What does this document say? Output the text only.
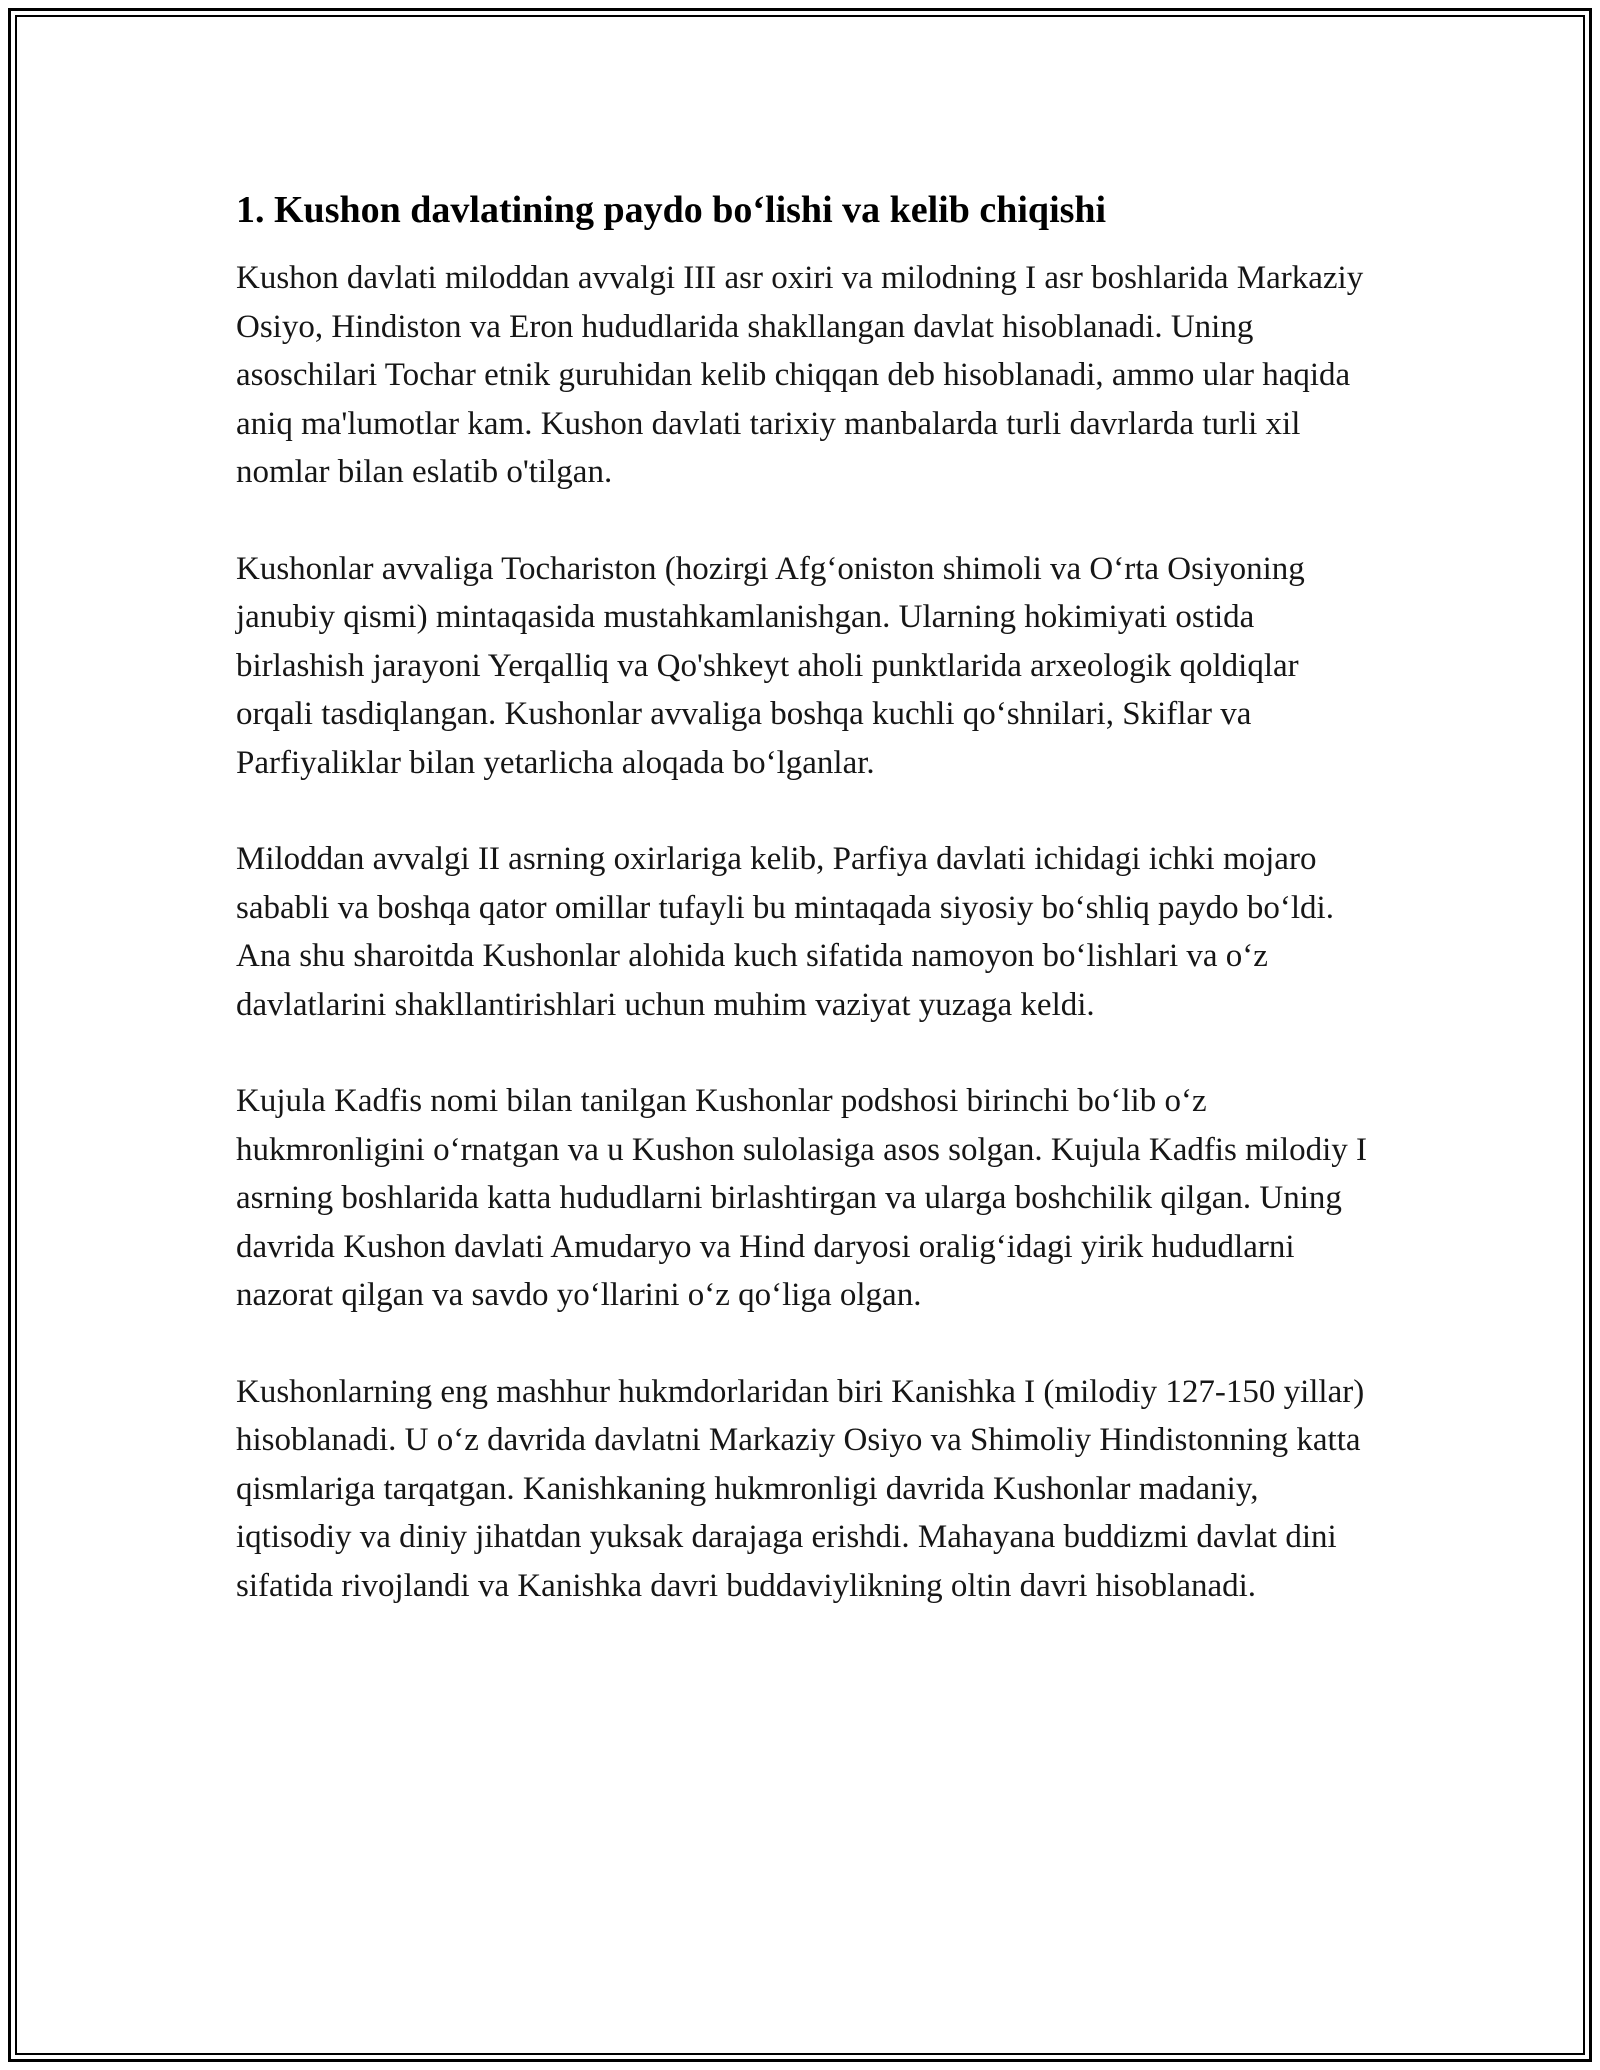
1. Kushon davlatining paydo boʻlishi va kelib chiqishi

Kushon davlati miloddan avvalgi III asr oxiri va milodning I asr boshlarida Markaziy Osiyo, Hindiston va Eron hududlarida shakllangan davlat hisoblanadi. Uning asoschilari Tochar etnik guruhidan kelib chiqqan deb hisoblanadi, ammo ular haqida aniq ma'lumotlar kam. Kushon davlati tarixiy manbalarda turli davrlarda turli xil nomlar bilan eslatib o'tilgan.

Kushonlar avvaliga Tochariston (hozirgi Afgʻoniston shimoli va Oʻrta Osiyoning janubiy qismi) mintaqasida mustahkamlanishgan. Ularning hokimiyati ostida birlashish jarayoni Yerqalliq va Qo'shkeyt aholi punktlarida arxeologik qoldiqlar orqali tasdiqlangan. Kushonlar avvaliga boshqa kuchli qoʻshnilari, Skiflar va Parfiyaliklar bilan yetarlicha aloqada boʻlganlar.

Miloddan avvalgi II asrning oxirlariga kelib, Parfiya davlati ichidagi ichki mojaro sababli va boshqa qator omillar tufayli bu mintaqada siyosiy boʻshliq paydo boʻldi. Ana shu sharoitda Kushonlar alohida kuch sifatida namoyon boʻlishlari va oʻz davlatlarini shakllantirishlari uchun muhim vaziyat yuzaga keldi.

Kujula Kadfis nomi bilan tanilgan Kushonlar podshosi birinchi boʻlib oʻz hukmronligini oʻrnatgan va u Kushon sulolasiga asos solgan. Kujula Kadfis milodiy I asrning boshlarida katta hududlarni birlashtirgan va ularga boshchilik qilgan. Uning davrida Kushon davlati Amudaryo va Hind daryosi oraligʻidagi yirik hududlarni nazorat qilgan va savdo yoʻllarini oʻz qoʻliga olgan.

Kushonlarning eng mashhur hukmdorlaridan biri Kanishka I (milodiy 127-150 yillar) hisoblanadi. U oʻz davrida davlatni Markaziy Osiyo va Shimoliy Hindistonning katta qismlariga tarqatgan. Kanishkaning hukmronligi davrida Kushonlar madaniy, iqtisodiy va diniy jihatdan yuksak darajaga erishdi. Mahayana buddizmi davlat dini sifatida rivojlandi va Kanishka davri buddaviylikning oltin davri hisoblanadi.
